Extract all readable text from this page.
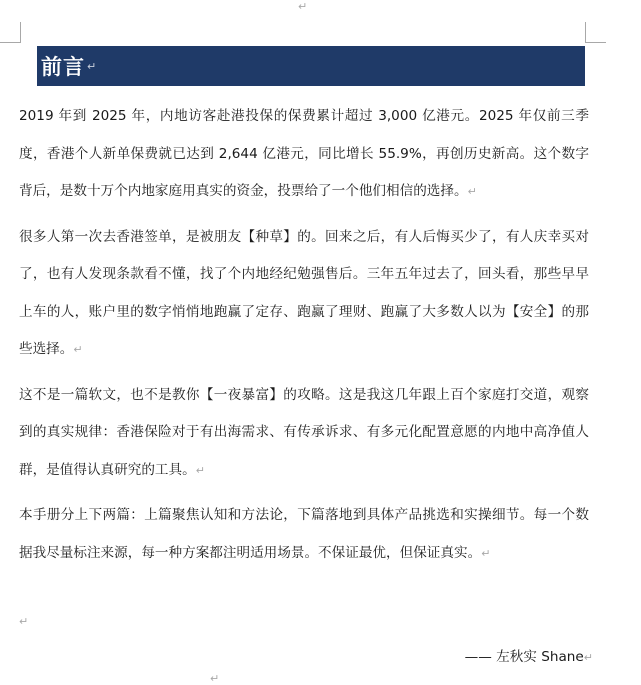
↵
前言 ↵

2019 年到 2025 年，内地访客赴港投保的保费累计超过 3,000 亿港元。2025 年仅前三季度，香港个人新单保费就已达到 2,644 亿港元，同比增长 55.9%，再创历史新高。这个数字背后，是数十万个内地家庭用真实的资金，投票给了一个他们相信的选择。↵

很多人第一次去香港签单，是被朋友【种草】的。回来之后，有人后悔买少了，有人庆幸买对了，也有人发现条款看不懂，找了个内地经纪勉强售后。三年五年过去了，回头看，那些早早上车的人，账户里的数字悄悄地跑赢了定存、跑赢了理财、跑赢了大多数人以为【安全】的那些选择。↵

这不是一篇软文，也不是教你【一夜暴富】的攻略。这是我这几年跟上百个家庭打交道，观察到的真实规律：香港保险对于有出海需求、有传承诉求、有多元化配置意愿的内地中高净值人群，是值得认真研究的工具。↵

本手册分上下两篇：上篇聚焦认知和方法论，下篇落地到具体产品挑选和实操细节。每一个数据我尽量标注来源，每一种方案都注明适用场景。不保证最优，但保证真实。↵

↵
—— 左秋实 Shane↵
↵
